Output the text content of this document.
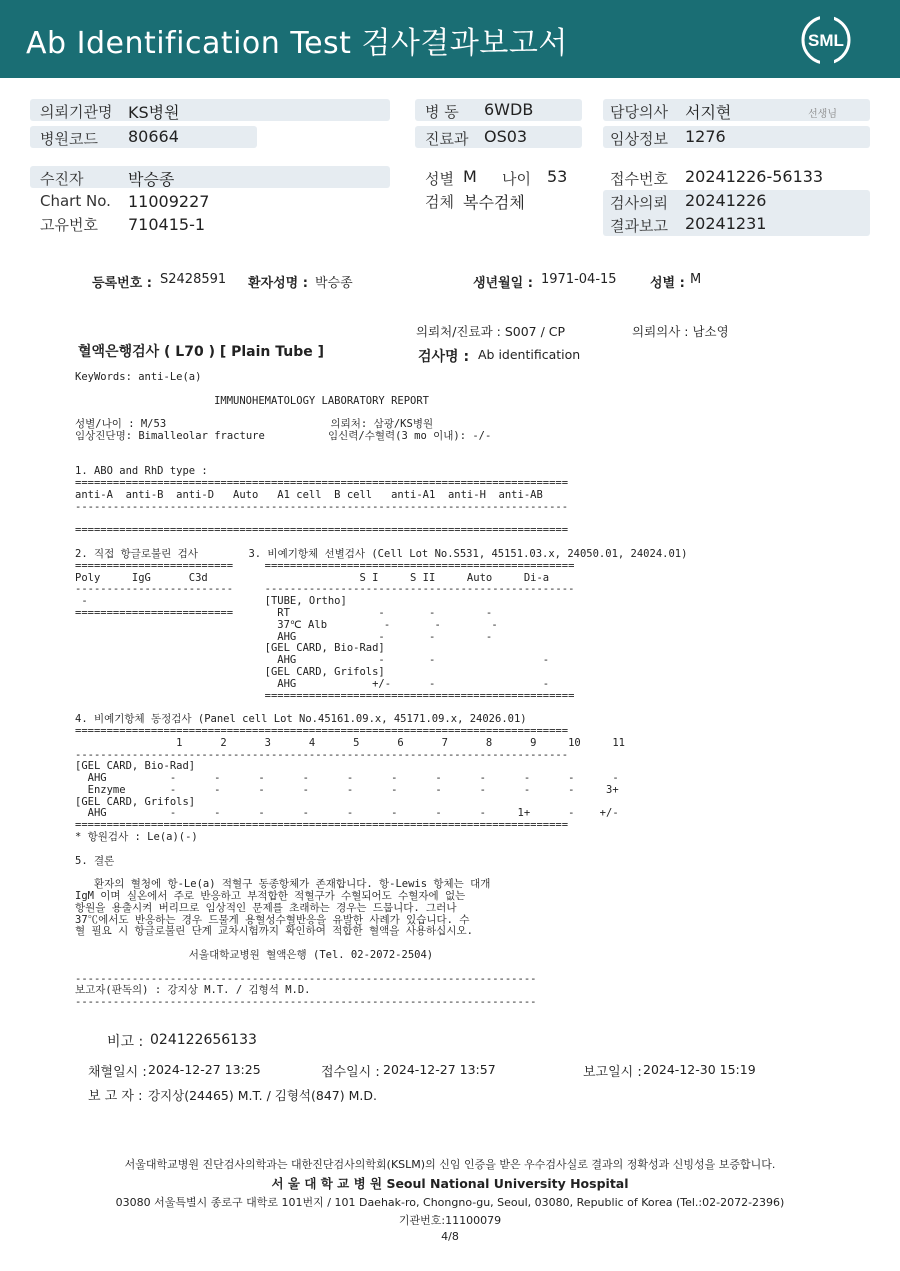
Ab Identification Test 검사결과보고서	SML
의뢰기관명 KS병원
병원코드 80664
병 동 6WDB
진료과 OS03
담당의사 서지현	선생님
임상정보 1276
수진자	박승종
Chart No. 11009227
고유번호 710415-1
성별 M 나이 53
검체 복수검체
접수번호 20241226-56133
검사의뢰 20241226
결과보고 20241231
등록번호 : S2428591 환자성명 : 박승종	생년월일 : 1971-04-15	성별 : M
의뢰처/진료과 : S007 / CP	의뢰의사 : 남소영
혈액은행검사 ( L70 ) [ Plain Tube ]	검사명 : Ab identification
KeyWords: anti-Le(a)

IMMUNOHEMATOLOGY LABORATORY REPORT

성별/나이 : M/53                          의뢰처: 삼광/KS병원
임상진단명: Bimalleolar fracture          임신력/수혈력(3 mo 이내): -/-

1. ABO and RhD type :
==============================================================================
anti-A  anti-B  anti-D   Auto   A1 cell  B cell   anti-A1  anti-H  anti-AB
------------------------------------------------------------------------------

==============================================================================

2. 직접 항글로불린 검사        3. 비예기항체 선별검사 (Cell Lot No.S531, 45151.03.x, 24050.01, 24024.01)
=========================     =================================================
Poly     IgG      C3d                        S I     S II     Auto     Di-a
-------------------------     -------------------------------------------------
-                            [TUBE, Ortho]
=========================       RT              -       -        -
37℃ Alb         -       -        -
AHG             -       -        -
[GEL CARD, Bio-Rad]
AHG             -       -                 -
[GEL CARD, Grifols]
AHG            +/-      -                 -
=================================================

4. 비예기항체 동정검사 (Panel cell Lot No.45161.09.x, 45171.09.x, 24026.01)
==============================================================================
1      2      3      4      5      6      7      8      9     10     11
------------------------------------------------------------------------------
[GEL CARD, Bio-Rad]
AHG          -      -      -      -      -      -      -      -      -      -      -
Enzyme       -      -      -      -      -      -      -      -      -      -     3+
[GEL CARD, Grifols]
AHG          -      -      -      -      -      -      -      -     1+      -    +/-
==============================================================================
* 항원검사 : Le(a)(-)

5. 결론

환자의 혈청에 항-Le(a) 적혈구 동종항체가 존재합니다. 항-Lewis 항체는 대개
IgM 이며 실온에서 주로 반응하고 부적합한 적혈구가 수혈되어도 수혈자에 없는
항원을 용출시켜 버리므로 임상적인 문제를 초래하는 경우는 드뭅니다. 그러나
37℃에서도 반응하는 경우 드물게 용혈성수혈반응을 유발한 사례가 있습니다. 수
혈 필요 시 항글로불린 단계 교차시험까지 확인하여 적합한 혈액을 사용하십시오.

서울대학교병원 혈액은행 (Tel. 02-2072-2504)

-------------------------------------------------------------------------
보고자(판독의) : 강지상 M.T. / 김형석 M.D.
-------------------------------------------------------------------------
비고 : 024122656133
채혈일시 : 2024-12-27 13:25	접수일시 : 2024-12-27 13:57	보고일시 : 2024-12-30 15:19
보 고 자 : 강지상(24465) M.T. / 김형석(847) M.D.
서울대학교병원 진단검사의학과는 대한진단검사의학회(KSLM)의 신임 인증을 받은 우수검사실로 결과의 정확성과 신빙성을 보증합니다.
서 울 대 학 교 병 원 Seoul National University Hospital
03080 서울특별시 종로구 대학로 101번지 / 101 Daehak-ro, Chongno-gu, Seoul, 03080, Republic of Korea (Tel.:02-2072-2396)
기관번호:11100079
4/8
